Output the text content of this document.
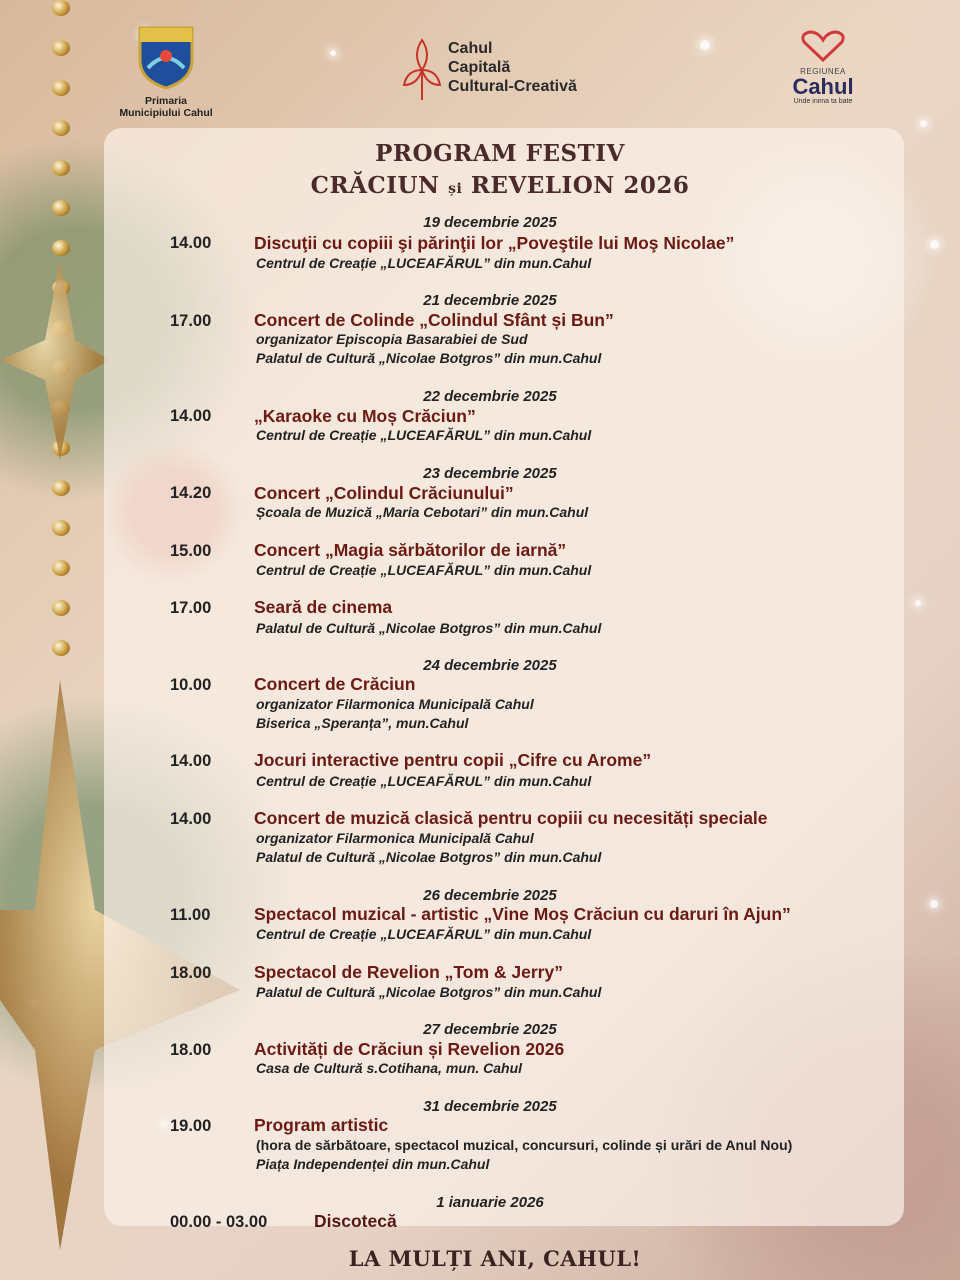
Primaria Municipiului Cahul
Cahul
Capitală
Cultural-Creativă
REGIUNEA
Cahul
Unde inima ta bate
PROGRAM FESTIV
CRĂCIUN și REVELION 2026
19 decembrie 2025
14.00 Discuţii cu copiii şi părinţii lor „Poveştile lui Moş Nicolae”
Centrul de Creație „LUCEAFĂRUL” din mun.Cahul
21 decembrie 2025
17.00 Concert de Colinde „Colindul Sfânt și Bun”
organizator Episcopia Basarabiei de Sud
Palatul de Cultură „Nicolae Botgros” din mun.Cahul
22 decembrie 2025
14.00 „Karaoke cu Moș Crăciun”
Centrul de Creație „LUCEAFĂRUL” din mun.Cahul
23 decembrie 2025
14.20 Concert „Colindul Crăciunului”
Școala de Muzică „Maria Cebotari” din mun.Cahul
15.00 Concert „Magia sărbătorilor de iarnă”
Centrul de Creație „LUCEAFĂRUL” din mun.Cahul
17.00 Seară de cinema
Palatul de Cultură „Nicolae Botgros” din mun.Cahul
24 decembrie 2025
10.00 Concert de Crăciun
organizator Filarmonica Municipală Cahul
Biserica „Speranța”, mun.Cahul
14.00 Jocuri interactive pentru copii „Cifre cu Arome”
Centrul de Creație „LUCEAFĂRUL” din mun.Cahul
14.00 Concert de muzică clasică pentru copiii cu necesități speciale
organizator Filarmonica Municipală Cahul
Palatul de Cultură „Nicolae Botgros” din mun.Cahul
26 decembrie 2025
11.00 Spectacol muzical - artistic „Vine Moș Crăciun cu daruri în Ajun”
Centrul de Creație „LUCEAFĂRUL” din mun.Cahul
18.00 Spectacol de Revelion „Tom & Jerry”
Palatul de Cultură „Nicolae Botgros” din mun.Cahul
27 decembrie 2025
18.00 Activități de Crăciun și Revelion 2026
Casa de Cultură s.Cotihana, mun. Cahul
31 decembrie 2025
19.00 Program artistic
(hora de sărbătoare, spectacol muzical, concursuri, colinde și urări de Anul Nou)
Piața Independenței din mun.Cahul
1 ianuarie 2026
00.00 - 03.00	Discotecă
LA MULȚI ANI, CAHUL!
